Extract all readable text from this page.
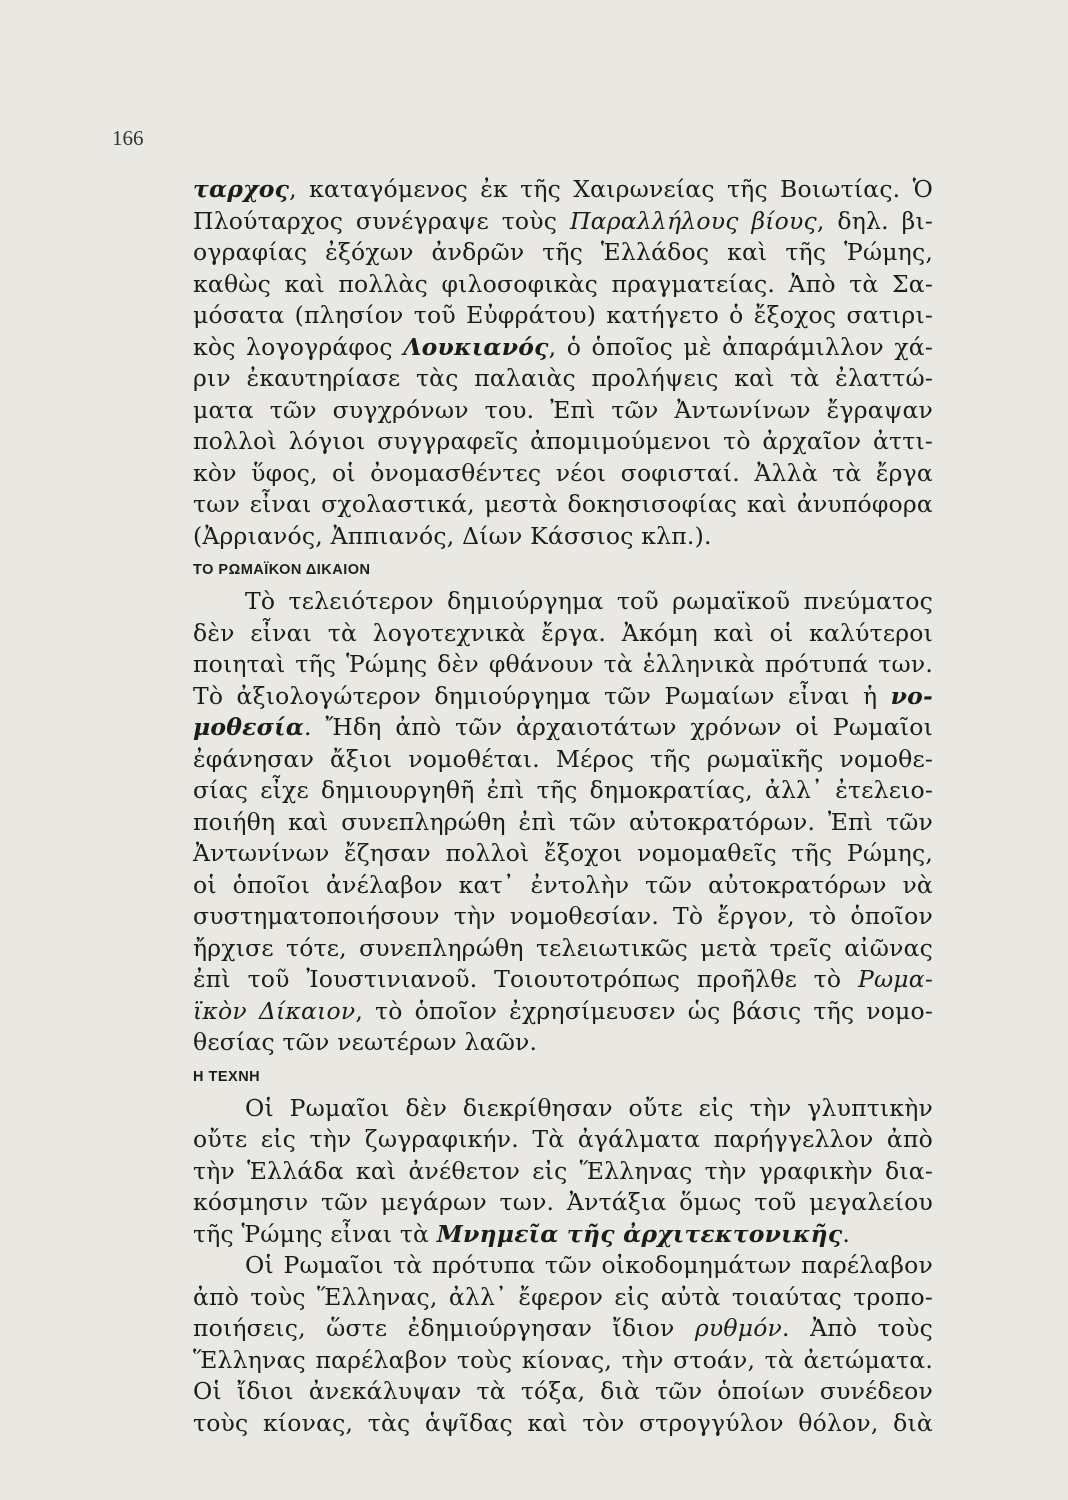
166
ταρχος, καταγόμενος ἐκ τῆς Χαιρωνείας τῆς Βοιωτίας. Ὁ
Πλούταρχος συνέγραψε τοὺς Παραλλήλους βίους, δηλ. βι-
ογραφίας ἐξόχων ἀνδρῶν τῆς Ἑλλάδος καὶ τῆς Ῥώμης,
καθὼς καὶ πολλὰς φιλοσοφικὰς πραγματείας. Ἀπὸ τὰ Σα-
μόσατα (πλησίον τοῦ Εὐφράτου) κατήγετο ὁ ἔξοχος σατιρι-
κὸς λογογράφος Λουκιανός, ὁ ὁποῖος μὲ ἀπαράμιλλον χά-
ριν ἐκαυτηρίασε τὰς παλαιὰς προλήψεις καὶ τὰ ἐλαττώ-
ματα τῶν συγχρόνων του. Ἐπὶ τῶν Ἀντωνίνων ἔγραψαν
πολλοὶ λόγιοι συγγραφεῖς ἀπομιμούμενοι τὸ ἀρχαῖον ἀττι-
κὸν ὕφος, οἱ ὀνομασθέντες νέοι σοφισταί. Ἀλλὰ τὰ ἔργα
των εἶναι σχολαστικά, μεστὰ δοκησισοφίας καὶ ἀνυπόφορα
(Ἀρριανός, Ἀππιανός, Δίων Κάσσιος κλπ.).
ΤΟ ΡΩΜΑΪΚΟΝ ΔΙΚΑΙΟΝ
Τὸ τελειότερον δημιούργημα τοῦ ρωμαϊκοῦ πνεύματος
δὲν εἶναι τὰ λογοτεχνικὰ ἔργα. Ἀκόμη καὶ οἱ καλύτεροι
ποιηταὶ τῆς Ῥώμης δὲν φθάνουν τὰ ἑλληνικὰ πρότυπά των.
Τὸ ἀξιολογώτερον δημιούργημα τῶν Ρωμαίων εἶναι ἡ νο-
μοθεσία. Ἤδη ἀπὸ τῶν ἀρχαιοτάτων χρόνων οἱ Ρωμαῖοι
ἐφάνησαν ἄξιοι νομοθέται. Μέρος τῆς ρωμαϊκῆς νομοθε-
σίας εἶχε δημιουργηθῆ ἐπὶ τῆς δημοκρατίας, ἀλλ᾽ ἐτελειο-
ποιήθη καὶ συνεπληρώθη ἐπὶ τῶν αὐτοκρατόρων. Ἐπὶ τῶν
Ἀντωνίνων ἔζησαν πολλοὶ ἔξοχοι νομομαθεῖς τῆς Ρώμης,
οἱ ὁποῖοι ἀνέλαβον κατ᾽ ἐντολὴν τῶν αὐτοκρατόρων νὰ
συστηματοποιήσουν τὴν νομοθεσίαν. Τὸ ἔργον, τὸ ὁποῖον
ἤρχισε τότε, συνεπληρώθη τελειωτικῶς μετὰ τρεῖς αἰῶνας
ἐπὶ τοῦ Ἰουστινιανοῦ. Τοιουτοτρόπως προῆλθε τὸ Ρωμα-
ϊκὸν Δίκαιον, τὸ ὁποῖον ἐχρησίμευσεν ὡς βάσις τῆς νομο-
θεσίας τῶν νεωτέρων λαῶν.
Η ΤΕΧΝΗ
Οἱ Ρωμαῖοι δὲν διεκρίθησαν οὔτε εἰς τὴν γλυπτικὴν
οὔτε εἰς τὴν ζωγραφικήν. Τὰ ἀγάλματα παρήγγελλον ἀπὸ
τὴν Ἑλλάδα καὶ ἀνέθετον εἰς Ἕλληνας τὴν γραφικὴν δια-
κόσμησιν τῶν μεγάρων των. Ἀντάξια ὅμως τοῦ μεγαλείου
τῆς Ῥώμης εἶναι τὰ Μνημεῖα τῆς ἀρχιτεκτονικῆς.
Οἱ Ρωμαῖοι τὰ πρότυπα τῶν οἰκοδομημάτων παρέλαβον
ἀπὸ τοὺς Ἕλληνας, ἀλλ᾽ ἔφερον εἰς αὐτὰ τοιαύτας τροπο-
ποιήσεις, ὥστε ἐδημιούργησαν ἴδιον ρυθμόν. Ἀπὸ τοὺς
Ἕλληνας παρέλαβον τοὺς κίονας, τὴν στοάν, τὰ ἀετώματα.
Οἱ ἴδιοι ἀνεκάλυψαν τὰ τόξα, διὰ τῶν ὁποίων συνέδεον
τοὺς κίονας, τὰς ἁψῖδας καὶ τὸν στρογγύλον θόλον, διὰ
